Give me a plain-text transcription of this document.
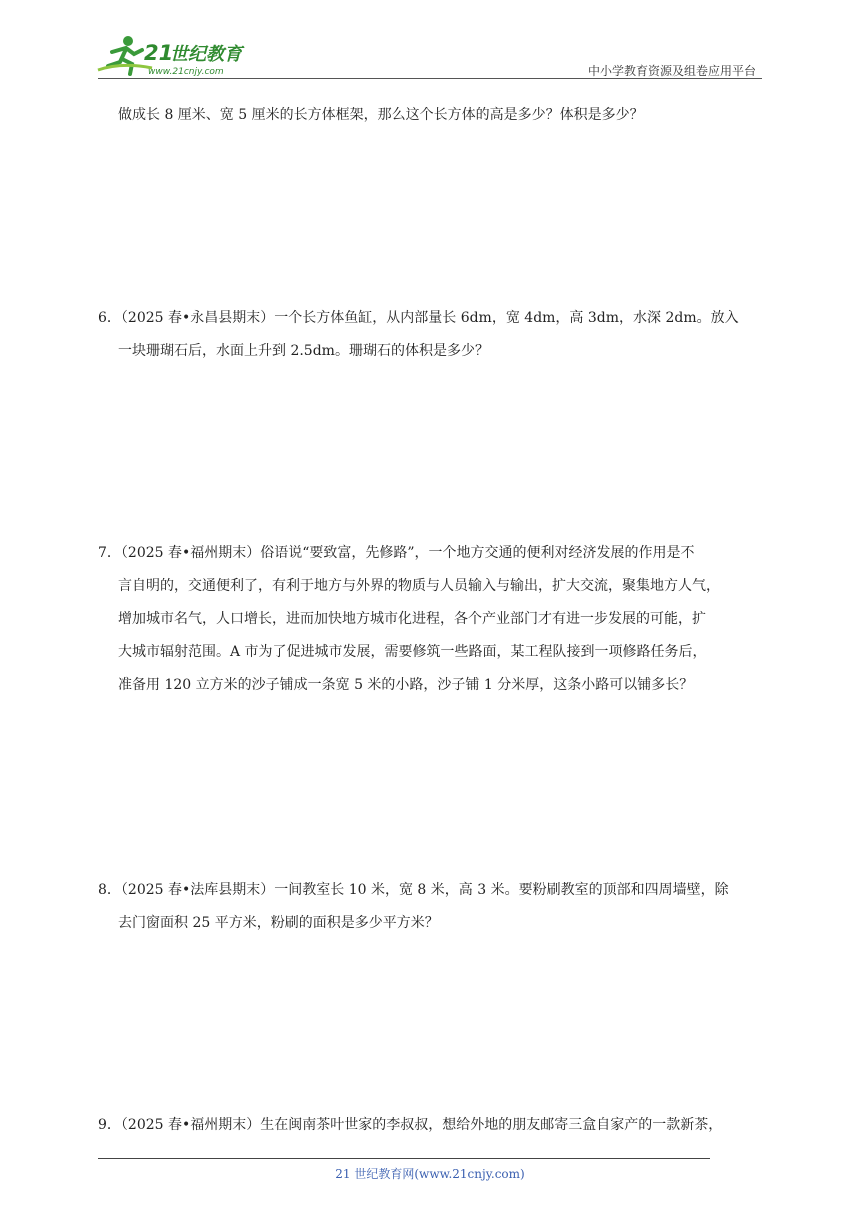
21
世纪教育
www.21cnjy.com	中小学教育资源及组卷应用平台

做成长 8 厘米、宽 5 厘米的长方体框架，那么这个长方体的高是多少？体积是多少？

6．（2025 春•永昌县期末）一个长方体鱼缸，从内部量长 6dm，宽 4dm，高 3dm，水深 2dm。放入

一块珊瑚石后，水面上升到 2.5dm。珊瑚石的体积是多少？

7．（2025 春•福州期末）俗语说“要致富，先修路”，一个地方交通的便利对经济发展的作用是不

言自明的，交通便利了，有利于地方与外界的物质与人员输入与输出，扩大交流，聚集地方人气，

增加城市名气，人口增长，进而加快地方城市化进程，各个产业部门才有进一步发展的可能，扩

大城市辐射范围。A 市为了促进城市发展，需要修筑一些路面，某工程队接到一项修路任务后，

准备用 120 立方米的沙子铺成一条宽 5 米的小路，沙子铺 1 分米厚，这条小路可以铺多长？

8．（2025 春•法库县期末）一间教室长 10 米，宽 8 米，高 3 米。要粉刷教室的顶部和四周墙壁，除

去门窗面积 25 平方米，粉刷的面积是多少平方米？

9．（2025 春•福州期末）生在闽南茶叶世家的李叔叔，想给外地的朋友邮寄三盒自家产的一款新茶，

21 世纪教育网(www.21cnjy.com)
